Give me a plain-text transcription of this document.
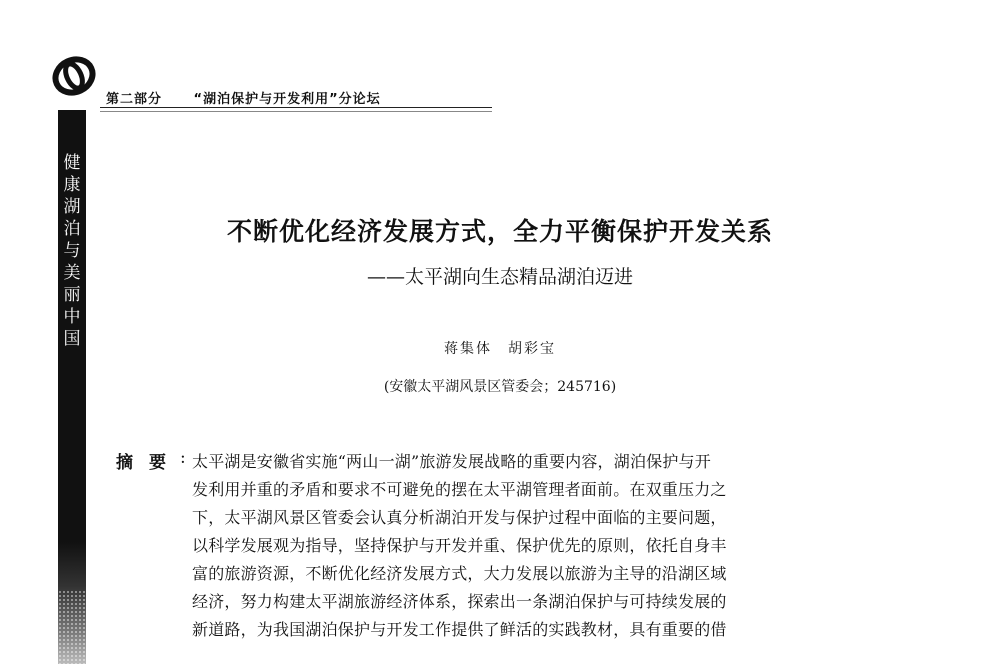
第二部分 “湖泊保护与开发利用”分论坛
健
康
湖
泊
与
美
丽
中
国
不断优化经济发展方式，全力平衡保护开发关系
——太平湖向生态精品湖泊迈进
蒋集体　胡彩宝
(安徽太平湖风景区管委会；245716)
摘要
: 太平湖是安徽省实施“两山一湖”旅游发展战略的重要内容，湖泊保护与开
发利用并重的矛盾和要求不可避免的摆在太平湖管理者面前。在双重压力之
下，太平湖风景区管委会认真分析湖泊开发与保护过程中面临的主要问题，
以科学发展观为指导，坚持保护与开发并重、保护优先的原则，依托自身丰
富的旅游资源，不断优化经济发展方式，大力发展以旅游为主导的沿湖区域
经济，努力构建太平湖旅游经济体系，探索出一条湖泊保护与可持续发展的
新道路，为我国湖泊保护与开发工作提供了鲜活的实践教材，具有重要的借
